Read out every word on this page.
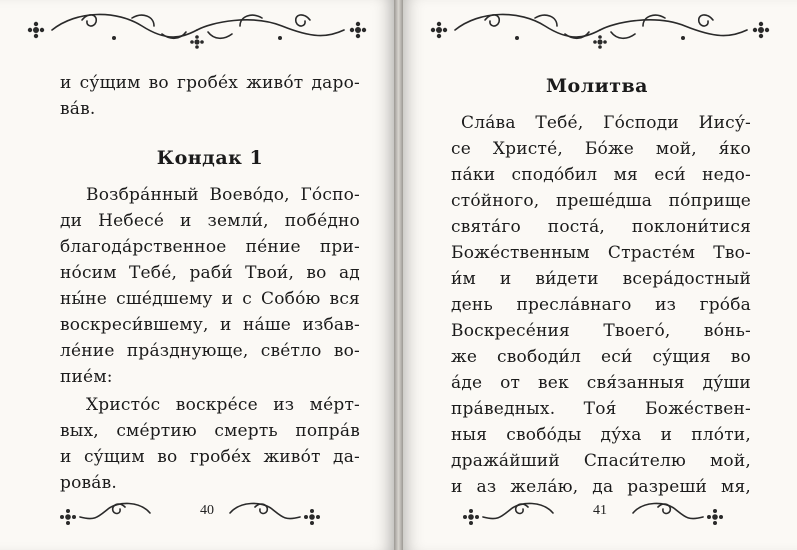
и су́щим во гробе́х живо́т даро-
ва́в.
Кондак 1
Возбра́нный Воево́до, Го́спо-
ди Небесе́ и земли́, побе́дно
благода́рственное пе́ние при-
но́сим Тебе́, раби́ Твои́, во ад
ны́не сше́дшему и с Собо́ю вся
воскреси́вшему, и на́ше избав-
ле́ние пра́зднующе, све́тло во-
пие́м:
Христо́с воскре́се из ме́рт-
вых, сме́ртию смерть попра́в
и су́щим во гробе́х живо́т да-
рова́в.
40
Молитва
Сла́ва Тебе́, Го́споди Иису́-
се Христе́, Бо́же мой, я́ко
па́ки сподо́бил мя еси́ недо-
сто́йного, преше́дша по́прище
свята́го поста́, поклони́тися
Боже́ственным Страсте́м Тво-
и́м и ви́дети всера́достный
день пресла́внаго из гро́ба
Воскресе́ния Твоего́, во́нь-
же свободи́л еси́ су́щия во
а́де от век свя́занныя ду́ши
пра́ведных. Тоя́ Боже́ствен-
ныя свобо́ды ду́ха и пло́ти,
дража́йший Спаси́телю мой,
и аз жела́ю, да разреши́ мя,
41
